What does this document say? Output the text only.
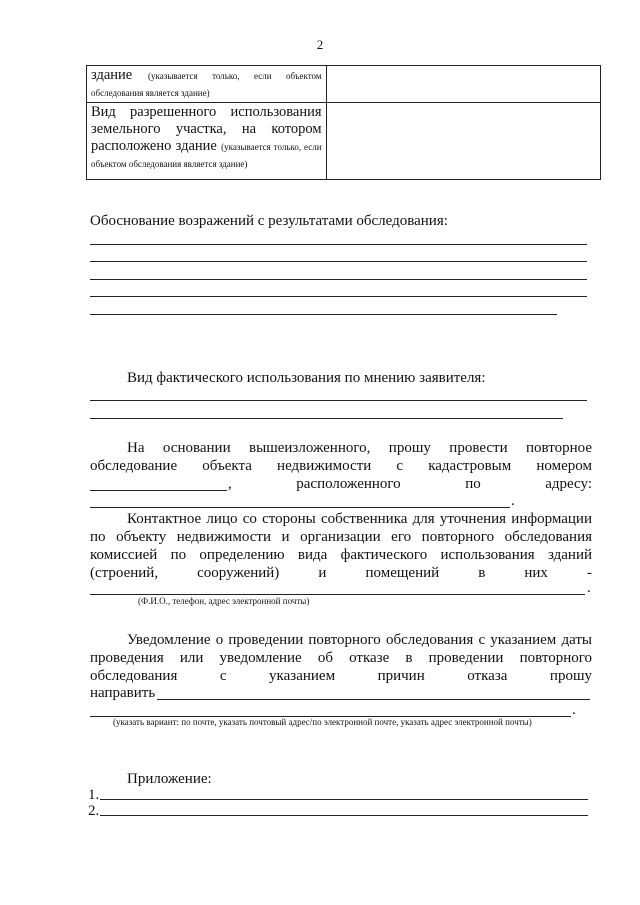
2
здание (указывается только, если объектом обследования является здание)	
Вид разрешенного использования земельного участка, на котором расположено здание (указывается только, если объектом обследования является здание)	
Обоснование возражений с результатами обследования:
Вид фактического использования по мнению заявителя:
На основании вышеизложенного, прошу провести повторное
обследование объекта недвижимости с кадастровым номером
, расположенного по адресу:
.
Контактное лицо со стороны собственника для уточнения информации
по объекту недвижимости и организации его повторного обследования
комиссией по определению вида фактического использования зданий
(строений, сооружений) и помещений в них -
.
(Ф.И.О., телефон, адрес электронной почты)
Уведомление о проведении повторного обследования с указанием даты
проведения или уведомление об отказе в проведении повторного
обследования с указанием причин отказа прошу
направить
.
(указать вариант: по почте, указать почтовый адрес/по электронной почте, указать адрес электронной почты)
Приложение:
1.
2.
